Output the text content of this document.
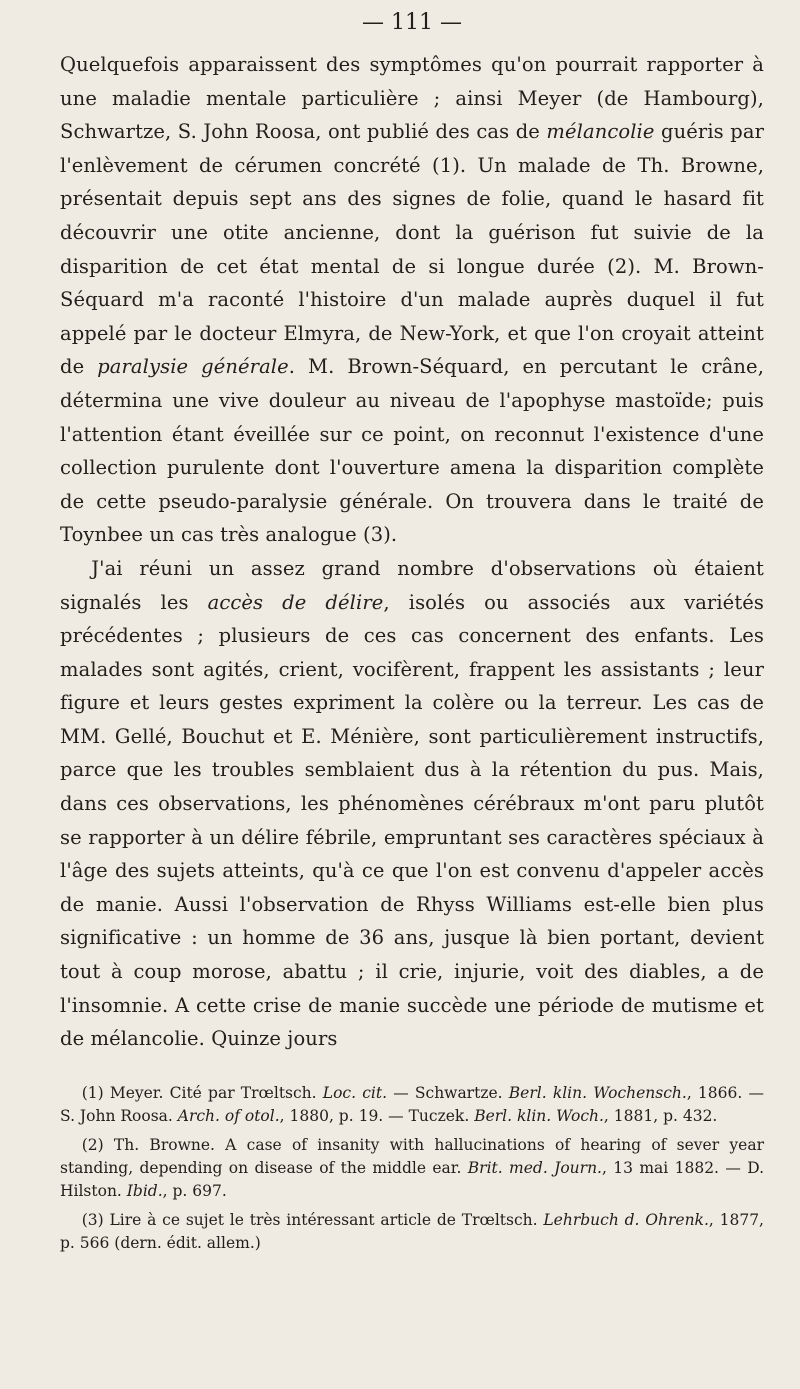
— 111 —

Quelquefois apparaissent des symptômes qu'on pourrait rapporter à une maladie mentale particulière ; ainsi Meyer (de Hambourg), Schwartze, S. John Roosa, ont publié des cas de mélancolie guéris par l'enlèvement de cérumen concrété (1). Un malade de Th. Browne, présentait depuis sept ans des signes de folie, quand le hasard fit découvrir une otite ancienne, dont la guérison fut suivie de la disparition de cet état mental de si longue durée (2). M. Brown-Séquard m'a raconté l'histoire d'un malade auprès duquel il fut appelé par le docteur Elmyra, de New-York, et que l'on croyait atteint de paralysie générale. M. Brown-Séquard, en percutant le crâne, détermina une vive douleur au niveau de l'apophyse mastoïde; puis l'attention étant éveillée sur ce point, on reconnut l'existence d'une collection purulente dont l'ouverture amena la disparition complète de cette pseudo-paralysie générale. On trouvera dans le traité de Toynbee un cas très analogue (3).

J'ai réuni un assez grand nombre d'observations où étaient signalés les accès de délire, isolés ou associés aux variétés précédentes ; plusieurs de ces cas concernent des enfants. Les malades sont agités, crient, vocifèrent, frappent les assistants ; leur figure et leurs gestes expriment la colère ou la terreur. Les cas de MM. Gellé, Bouchut et E. Ménière, sont particulièrement instructifs, parce que les troubles semblaient dus à la rétention du pus. Mais, dans ces observations, les phénomènes cérébraux m'ont paru plutôt se rapporter à un délire fébrile, empruntant ses caractères spéciaux à l'âge des sujets atteints, qu'à ce que l'on est convenu d'appeler accès de manie. Aussi l'observation de Rhyss Williams est-elle bien plus significative : un homme de 36 ans, jusque là bien portant, devient tout à coup morose, abattu ; il crie, injurie, voit des diables, a de l'insomnie. A cette crise de manie succède une période de mutisme et de mélancolie. Quinze jours

(1) Meyer. Cité par Trœltsch. Loc. cit. — Schwartze. Berl. klin. Wochensch., 1866. — S. John Roosa. Arch. of otol., 1880, p. 19. — Tuczek. Berl. klin. Woch., 1881, p. 432.

(2) Th. Browne. A case of insanity with hallucinations of hearing of sever year standing, depending on disease of the middle ear. Brit. med. Journ., 13 mai 1882. — D. Hilston. Ibid., p. 697.

(3) Lire à ce sujet le très intéressant article de Trœltsch. Lehrbuch d. Ohrenk., 1877, p. 566 (dern. édit. allem.)
